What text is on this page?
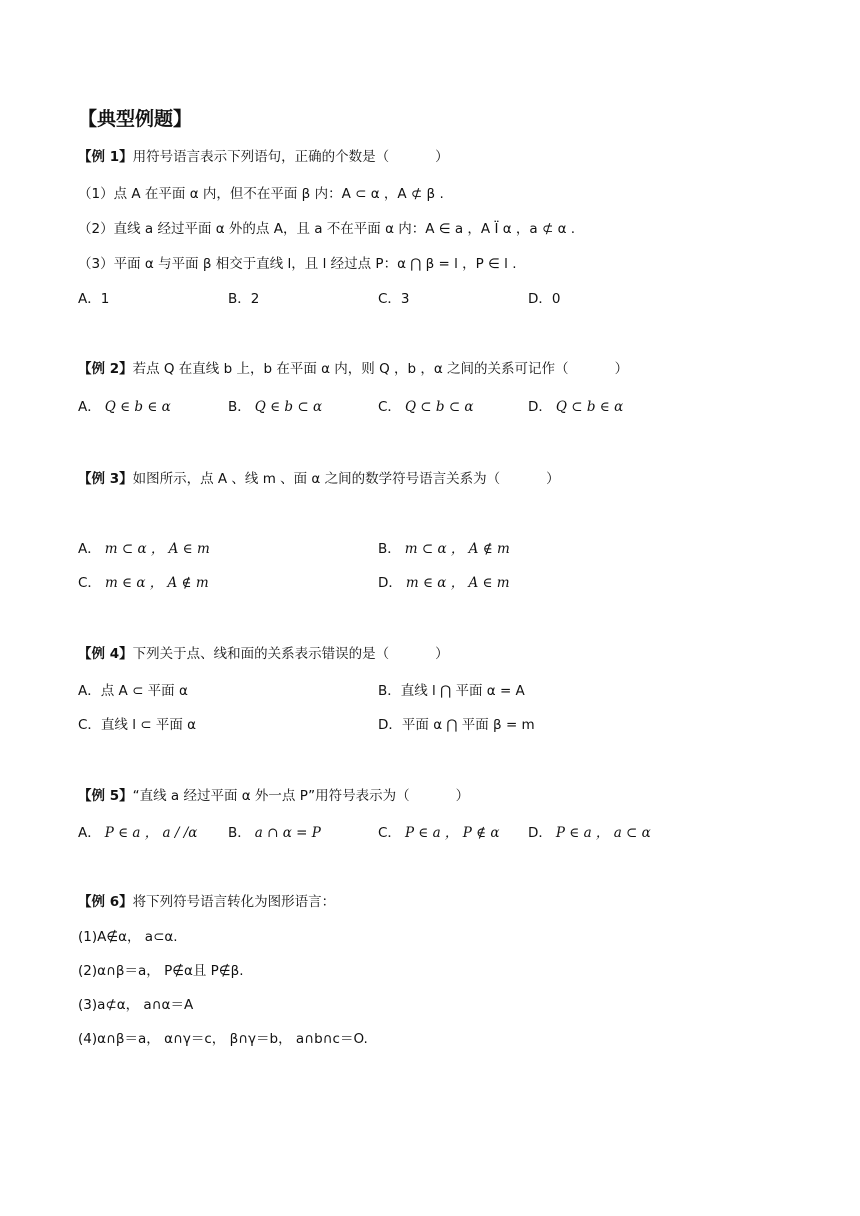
【典型例题】
【例 1】用符号语言表示下列语句，正确的个数是（	）
（1）点 A 在平面 α 内，但不在平面 β 内：A ⊂ α ，A ⊄ β .
（2）直线 a 经过平面 α 外的点 A，且 a 不在平面 α 内：A ∈ a ，A Ï α ，a ⊄ α .
（3）平面 α 与平面 β 相交于直线 l，且 l 经过点 P：α ⋂ β = l ，P ∈ l .
A．1	B．2	C．3	D．0
【例 2】若点 Q 在直线 b 上，b 在平面 α 内，则 Q ，b ，α 之间的关系可记作（	）
A． Q ∈ b ∈ α	B． Q ∈ b ⊂ α	C． Q ⊂ b ⊂ α	D． Q ⊂ b ∈ α
【例 3】如图所示，点 A 、线 m 、面 α 之间的数学符号语言关系为（	）
A． m ⊂ α ， A ∈ m	B． m ⊂ α ， A ∉ m
C． m ∈ α ， A ∉ m	D． m ∈ α ， A ∈ m
【例 4】下列关于点、线和面的关系表示错误的是（	）
A．点 A ⊂ 平面 α	B．直线 l ⋂ 平面 α = A
C．直线 l ⊂ 平面 α	D．平面 α ⋂ 平面 β = m
【例 5】“直线 a 经过平面 α 外一点 P”用符号表示为（	）
A． P ∈ a ， a / /α B． a ∩ α = P	C． P ∈ a ， P ∉ α D． P ∈ a ， a ⊂ α
【例 6】将下列符号语言转化为图形语言：
(1)A∉α， a⊂α.
(2)α∩β＝a， P∉α且 P∉β.
(3)a⊄α， a∩α＝A
(4)α∩β＝a， α∩γ＝c， β∩γ＝b， a∩b∩c＝O.
